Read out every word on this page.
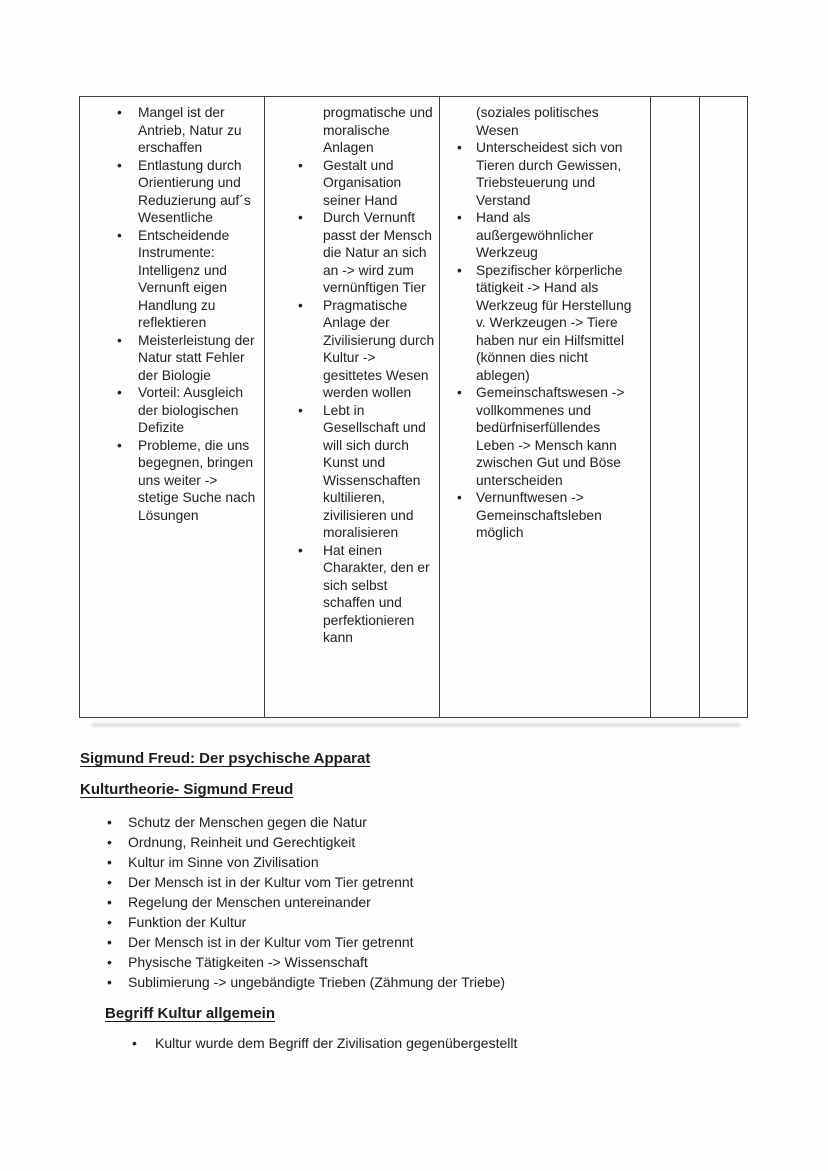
•
Mangel ist der Antrieb, Natur zu erschaffen
•
Entlastung durch Orientierung und Reduzierung auf´s Wesentliche
•
Entscheidende Instrumente: Intelligenz und Vernunft eigen Handlung zu reflektieren
•
Meisterleistung der Natur statt Fehler der Biologie
•
Vorteil: Ausgleich der biologischen Defizite
•
Probleme, die uns begegnen, bringen uns weiter -> stetige Suche nach Lösungen
progmatische und moralische Anlagen
•
Gestalt und Organisation seiner Hand
•
Durch Vernunft passt der Mensch die Natur an sich an -> wird zum vernünftigen Tier
•
Pragmatische Anlage der Zivilisierung durch Kultur -> gesittetes Wesen werden wollen
•
Lebt in Gesellschaft und will sich durch Kunst und Wissenschaften kultilieren, zivilisieren und moralisieren
•
Hat einen Charakter, den er sich selbst schaffen und perfektionieren kann
(soziales politisches Wesen
•
Unterscheidest sich von Tieren durch Gewissen, Triebsteuerung und Verstand
•
Hand als außergewöhnlicher Werkzeug
•
Spezifischer körperliche tätigkeit -> Hand als Werkzeug für Herstellung v. Werkzeugen -> Tiere haben nur ein Hilfsmittel (können dies nicht ablegen)
•
Gemeinschaftswesen -> vollkommenes und bedürfniserfüllendes Leben -> Mensch kann zwischen Gut und Böse unterscheiden
•
Vernunftwesen -> Gemeinschaftsleben möglich
Sigmund Freud: Der psychische Apparat
Kulturtheorie- Sigmund Freud
•
Schutz der Menschen gegen die Natur
•
Ordnung, Reinheit und Gerechtigkeit
•
Kultur im Sinne von Zivilisation
•
Der Mensch ist in der Kultur vom Tier getrennt
•
Regelung der Menschen untereinander
•
Funktion der Kultur
•
Der Mensch ist in der Kultur vom Tier getrennt
•
Physische Tätigkeiten -> Wissenschaft
•
Sublimierung -> ungebändigte Trieben (Zähmung der Triebe)
Begriff Kultur allgemein
•
Kultur wurde dem Begriff der Zivilisation gegenübergestellt
